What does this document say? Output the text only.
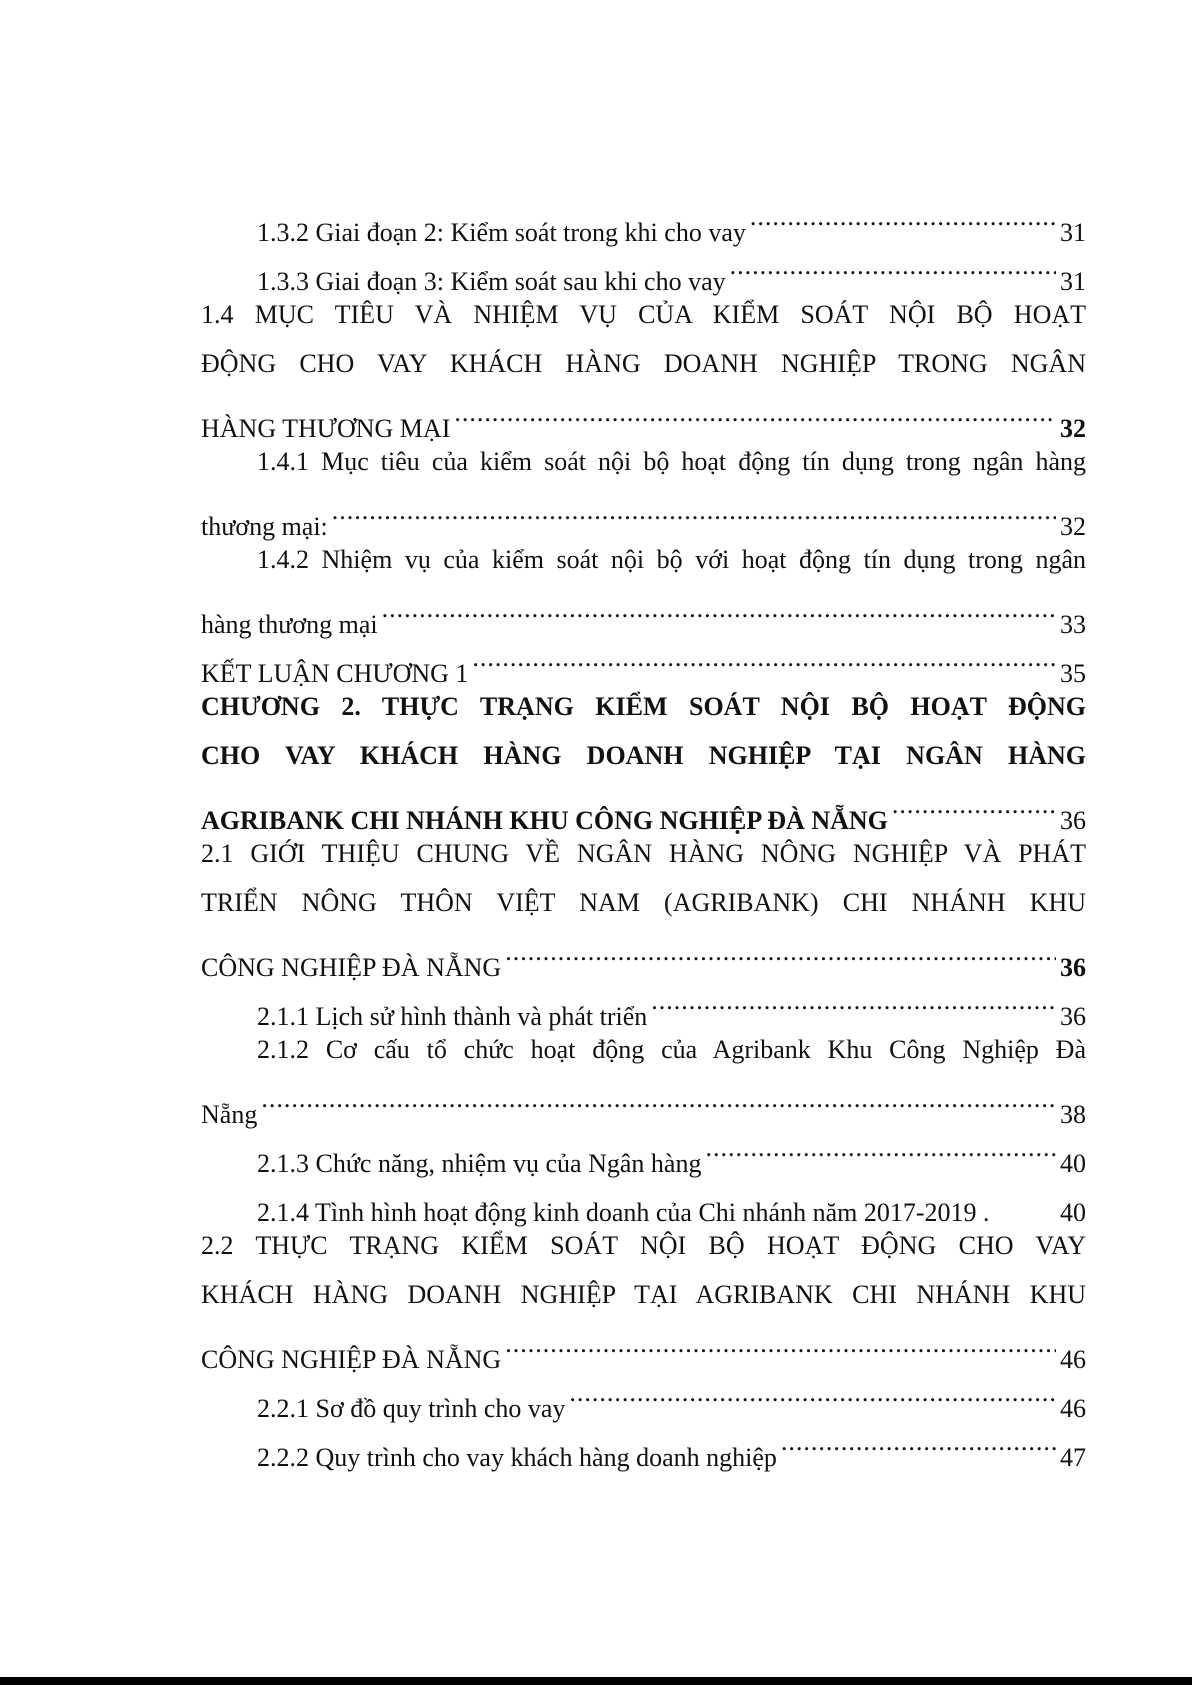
1.3.2 Giai đoạn 2: Kiểm soát trong khi cho vay .....	31
1.3.3 Giai đoạn 3: Kiểm soát sau khi cho vay .....	31
1.4 MỤC TIÊU VÀ NHIỆM VỤ CỦA KIỂM SOÁT NỘI BỘ HOẠT
ĐỘNG CHO VAY KHÁCH HÀNG DOANH NGHIỆP TRONG NGÂN
HÀNG THƯƠNG MẠI .....	32
1.4.1 Mục tiêu của kiểm soát nội bộ hoạt động tín dụng trong ngân hàng
thương mại: .....	32
1.4.2 Nhiệm vụ của kiểm soát nội bộ với hoạt động tín dụng trong ngân
hàng thương mại .....	33
KẾT LUẬN CHƯƠNG 1 .....	35
CHƯƠNG 2. THỰC TRẠNG KIỂM SOÁT NỘI BỘ HOẠT ĐỘNG
CHO VAY KHÁCH HÀNG DOANH NGHIỆP TẠI NGÂN HÀNG
AGRIBANK CHI NHÁNH KHU CÔNG NGHIỆP ĐÀ NẴNG .....	36
2.1 GIỚI THIỆU CHUNG VỀ NGÂN HÀNG NÔNG NGHIỆP VÀ PHÁT
TRIỂN NÔNG THÔN VIỆT NAM (AGRIBANK) CHI NHÁNH KHU
CÔNG NGHIỆP ĐÀ NẴNG .....	36
2.1.1 Lịch sử hình thành và phát triển .....	36
2.1.2 Cơ cấu tổ chức hoạt động của Agribank Khu Công Nghiệp Đà
Nẵng .....	38
2.1.3 Chức năng, nhiệm vụ của Ngân hàng .....	40
2.1.4 Tình hình hoạt động kinh doanh của Chi nhánh năm 2017-2019 .	40
2.2 THỰC TRẠNG KIỂM SOÁT NỘI BỘ HOẠT ĐỘNG CHO VAY
KHÁCH HÀNG DOANH NGHIỆP TẠI AGRIBANK CHI NHÁNH KHU
CÔNG NGHIỆP ĐÀ NẴNG .....	46
2.2.1 Sơ đồ quy trình cho vay .....	46
2.2.2 Quy trình cho vay khách hàng doanh nghiệp .....	47
